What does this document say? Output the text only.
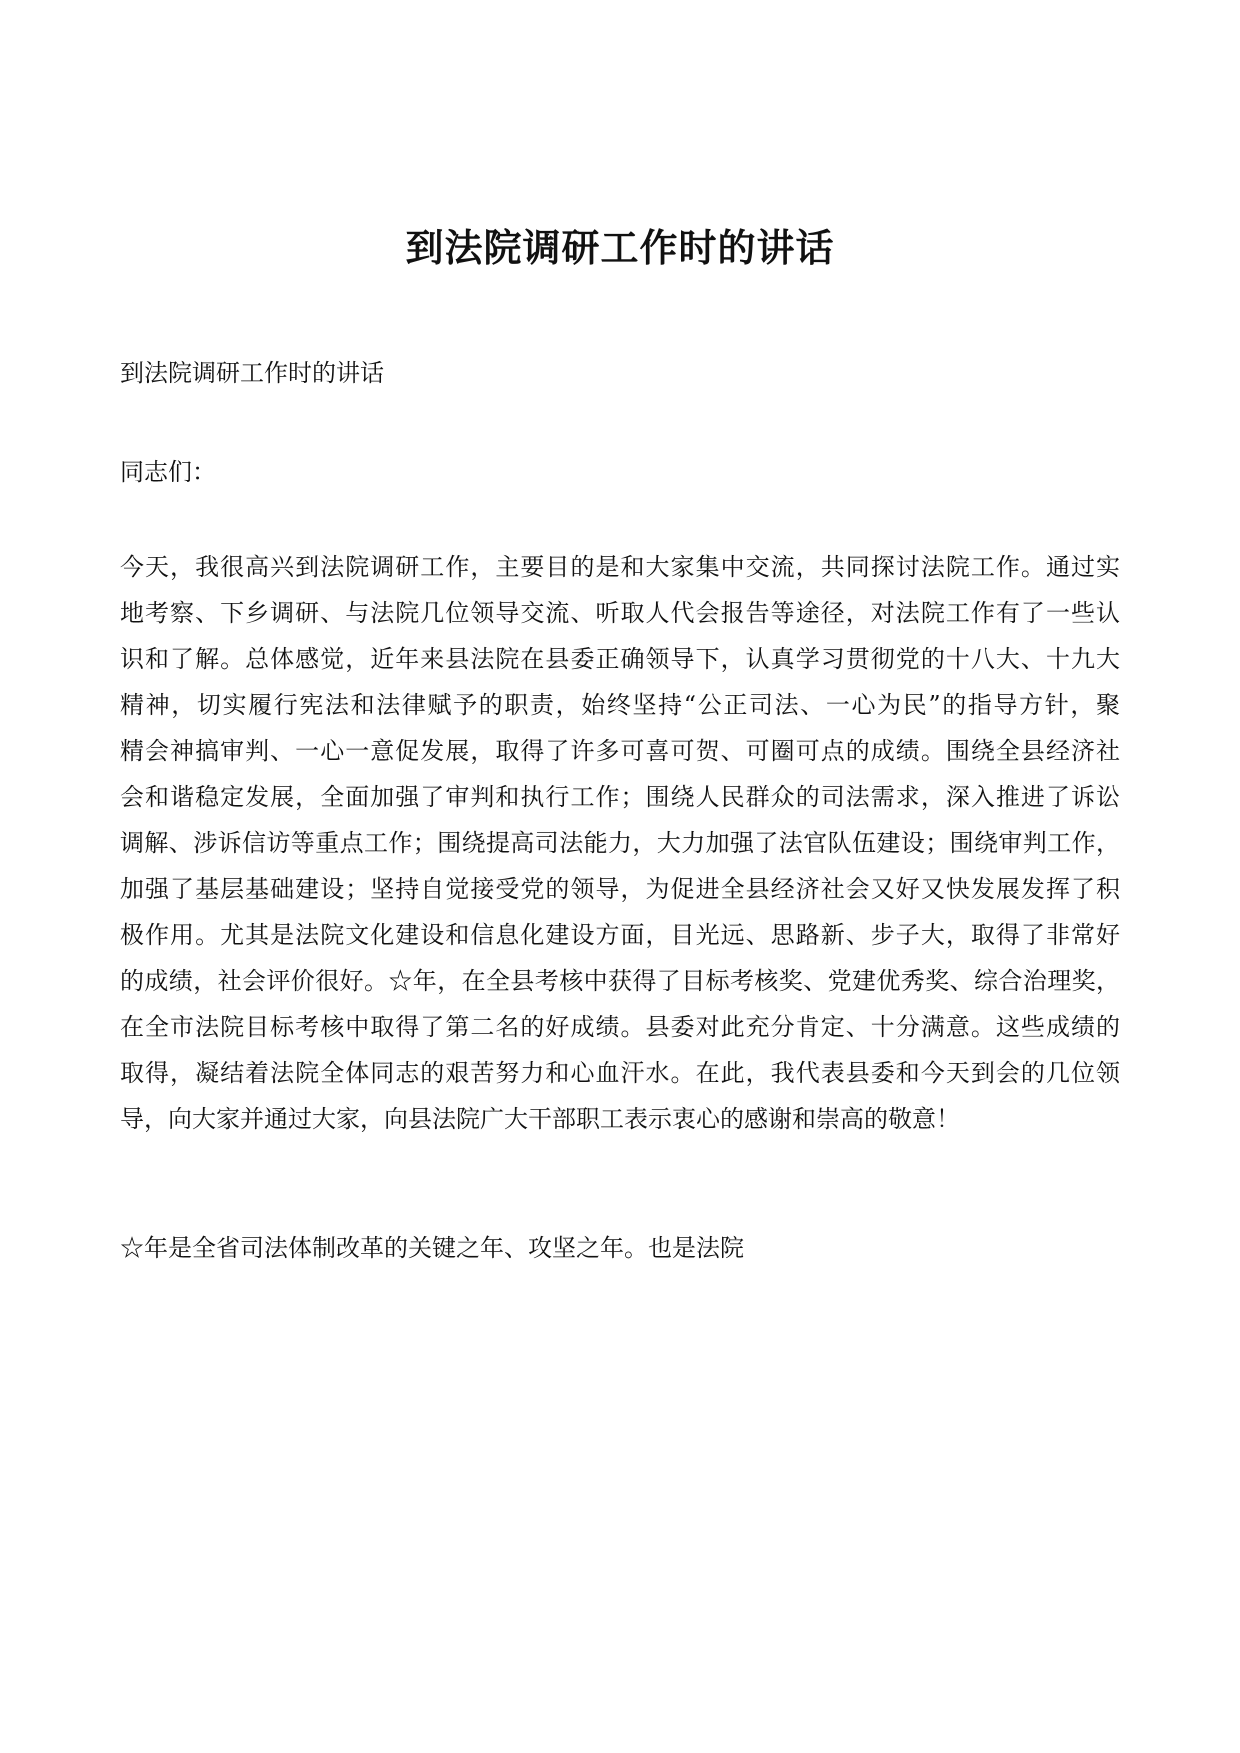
到法院调研工作时的讲话

到法院调研工作时的讲话

同志们：

今天，我很高兴到法院调研工作，主要目的是和大家集中交流，共同探讨法院工作。通过实
地考察、下乡调研、与法院几位领导交流、听取人代会报告等途径，对法院工作有了一些认
识和了解。总体感觉，近年来县法院在县委正确领导下，认真学习贯彻党的十八大、十九大
精神，切实履行宪法和法律赋予的职责，始终坚持“公正司法、一心为民”的指导方针，聚
精会神搞审判、一心一意促发展，取得了许多可喜可贺、可圈可点的成绩。围绕全县经济社
会和谐稳定发展，全面加强了审判和执行工作；围绕人民群众的司法需求，深入推进了诉讼
调解、涉诉信访等重点工作；围绕提高司法能力，大力加强了法官队伍建设；围绕审判工作，
加强了基层基础建设；坚持自觉接受党的领导，为促进全县经济社会又好又快发展发挥了积
极作用。尤其是法院文化建设和信息化建设方面，目光远、思路新、步子大，取得了非常好
的成绩，社会评价很好。☆年，在全县考核中获得了目标考核奖、党建优秀奖、综合治理奖，
在全市法院目标考核中取得了第二名的好成绩。县委对此充分肯定、十分满意。这些成绩的
取得，凝结着法院全体同志的艰苦努力和心血汗水。在此，我代表县委和今天到会的几位领
导，向大家并通过大家，向县法院广大干部职工表示衷心的感谢和崇高的敬意！

☆年是全省司法体制改革的关键之年、攻坚之年。也是法院
